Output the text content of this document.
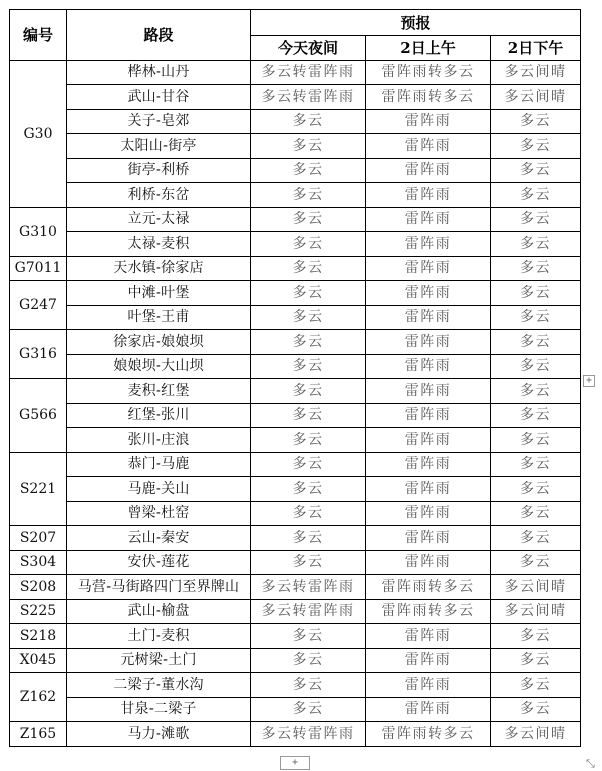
编号	路段	预报		
		今天夜间	2日上午	2日下午
G30	桦林-山丹	多云转雷阵雨	雷阵雨转多云	多云间晴
	武山-甘谷	多云转雷阵雨	雷阵雨转多云	多云间晴
	关子-皂郊	多云	雷阵雨	多云
	太阳山-街亭	多云	雷阵雨	多云
	街亭-利桥	多云	雷阵雨	多云
	利桥-东岔	多云	雷阵雨	多云
G310	立元-太禄	多云	雷阵雨	多云
	太禄-麦积	多云	雷阵雨	多云
G7011	天水镇-徐家店	多云	雷阵雨	多云
G247	中滩-叶堡	多云	雷阵雨	多云
	叶堡-王甫	多云	雷阵雨	多云
G316	徐家店-娘娘坝	多云	雷阵雨	多云
	娘娘坝-大山坝	多云	雷阵雨	多云
G566	麦积-红堡	多云	雷阵雨	多云
	红堡-张川	多云	雷阵雨	多云
	张川-庄浪	多云	雷阵雨	多云
S221	恭门-马鹿	多云	雷阵雨	多云
	马鹿-关山	多云	雷阵雨	多云
	曾梁-杜窑	多云	雷阵雨	多云
S207	云山-秦安	多云	雷阵雨	多云
S304	安伏-莲花	多云	雷阵雨	多云
S208	马营-马街路四门至界牌山	多云转雷阵雨	雷阵雨转多云	多云间晴
S225	武山-榆盘	多云转雷阵雨	雷阵雨转多云	多云间晴
S218	土门-麦积	多云	雷阵雨	多云
X045	元树梁-土门	多云	雷阵雨	多云
Z162	二梁子-董水沟	多云	雷阵雨	多云
	甘泉-二梁子	多云	雷阵雨	多云
Z165	马力-滩歌	多云转雷阵雨	雷阵雨转多云	多云间晴
+
+	⤡
